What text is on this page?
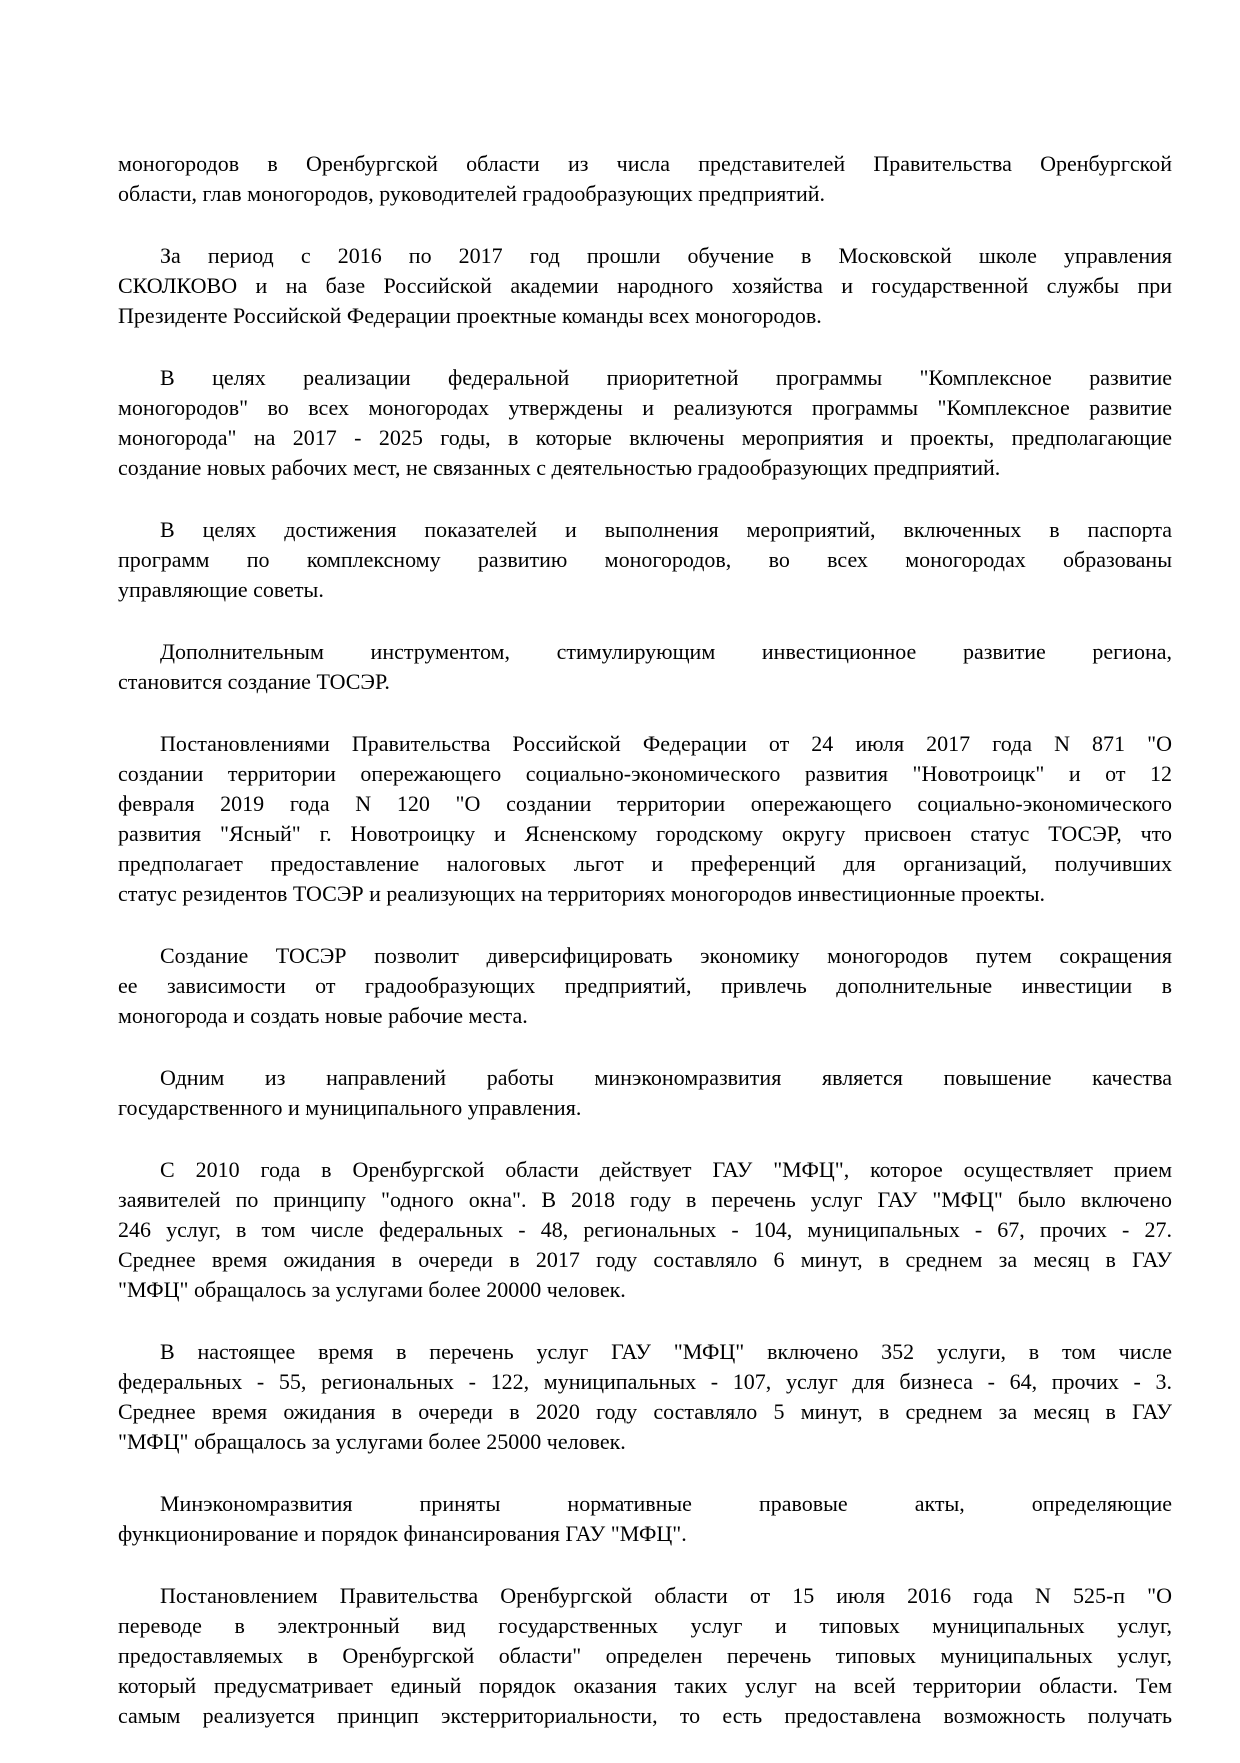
моногородов в Оренбургской области из числа представителей Правительства Оренбургской
области, глав моногородов, руководителей градообразующих предприятий.
За период с 2016 по 2017 год прошли обучение в Московской школе управления
СКОЛКОВО и на базе Российской академии народного хозяйства и государственной службы при
Президенте Российской Федерации проектные команды всех моногородов.
В целях реализации федеральной приоритетной программы "Комплексное развитие
моногородов" во всех моногородах утверждены и реализуются программы "Комплексное развитие
моногорода" на 2017 - 2025 годы, в которые включены мероприятия и проекты, предполагающие
создание новых рабочих мест, не связанных с деятельностью градообразующих предприятий.
В целях достижения показателей и выполнения мероприятий, включенных в паспорта
программ по комплексному развитию моногородов, во всех моногородах образованы
управляющие советы.
Дополнительным инструментом, стимулирующим инвестиционное развитие региона,
становится создание ТОСЭР.
Постановлениями Правительства Российской Федерации от 24 июля 2017 года N 871 "О
создании территории опережающего социально-экономического развития "Новотроицк" и от 12
февраля 2019 года N 120 "О создании территории опережающего социально-экономического
развития "Ясный" г. Новотроицку и Ясненскому городскому округу присвоен статус ТОСЭР, что
предполагает предоставление налоговых льгот и преференций для организаций, получивших
статус резидентов ТОСЭР и реализующих на территориях моногородов инвестиционные проекты.
Создание ТОСЭР позволит диверсифицировать экономику моногородов путем сокращения
ее зависимости от градообразующих предприятий, привлечь дополнительные инвестиции в
моногорода и создать новые рабочие места.
Одним из направлений работы минэкономразвития является повышение качества
государственного и муниципального управления.
С 2010 года в Оренбургской области действует ГАУ "МФЦ", которое осуществляет прием
заявителей по принципу "одного окна". В 2018 году в перечень услуг ГАУ "МФЦ" было включено
246 услуг, в том числе федеральных - 48, региональных - 104, муниципальных - 67, прочих - 27.
Среднее время ожидания в очереди в 2017 году составляло 6 минут, в среднем за месяц в ГАУ
"МФЦ" обращалось за услугами более 20000 человек.
В настоящее время в перечень услуг ГАУ "МФЦ" включено 352 услуги, в том числе
федеральных - 55, региональных - 122, муниципальных - 107, услуг для бизнеса - 64, прочих - 3.
Среднее время ожидания в очереди в 2020 году составляло 5 минут, в среднем за месяц в ГАУ
"МФЦ" обращалось за услугами более 25000 человек.
Минэкономразвития приняты нормативные правовые акты, определяющие
функционирование и порядок финансирования ГАУ "МФЦ".
Постановлением Правительства Оренбургской области от 15 июля 2016 года N 525-п "О
переводе в электронный вид государственных услуг и типовых муниципальных услуг,
предоставляемых в Оренбургской области" определен перечень типовых муниципальных услуг,
который предусматривает единый порядок оказания таких услуг на всей территории области. Тем
самым реализуется принцип экстерриториальности, то есть предоставлена возможность получать
